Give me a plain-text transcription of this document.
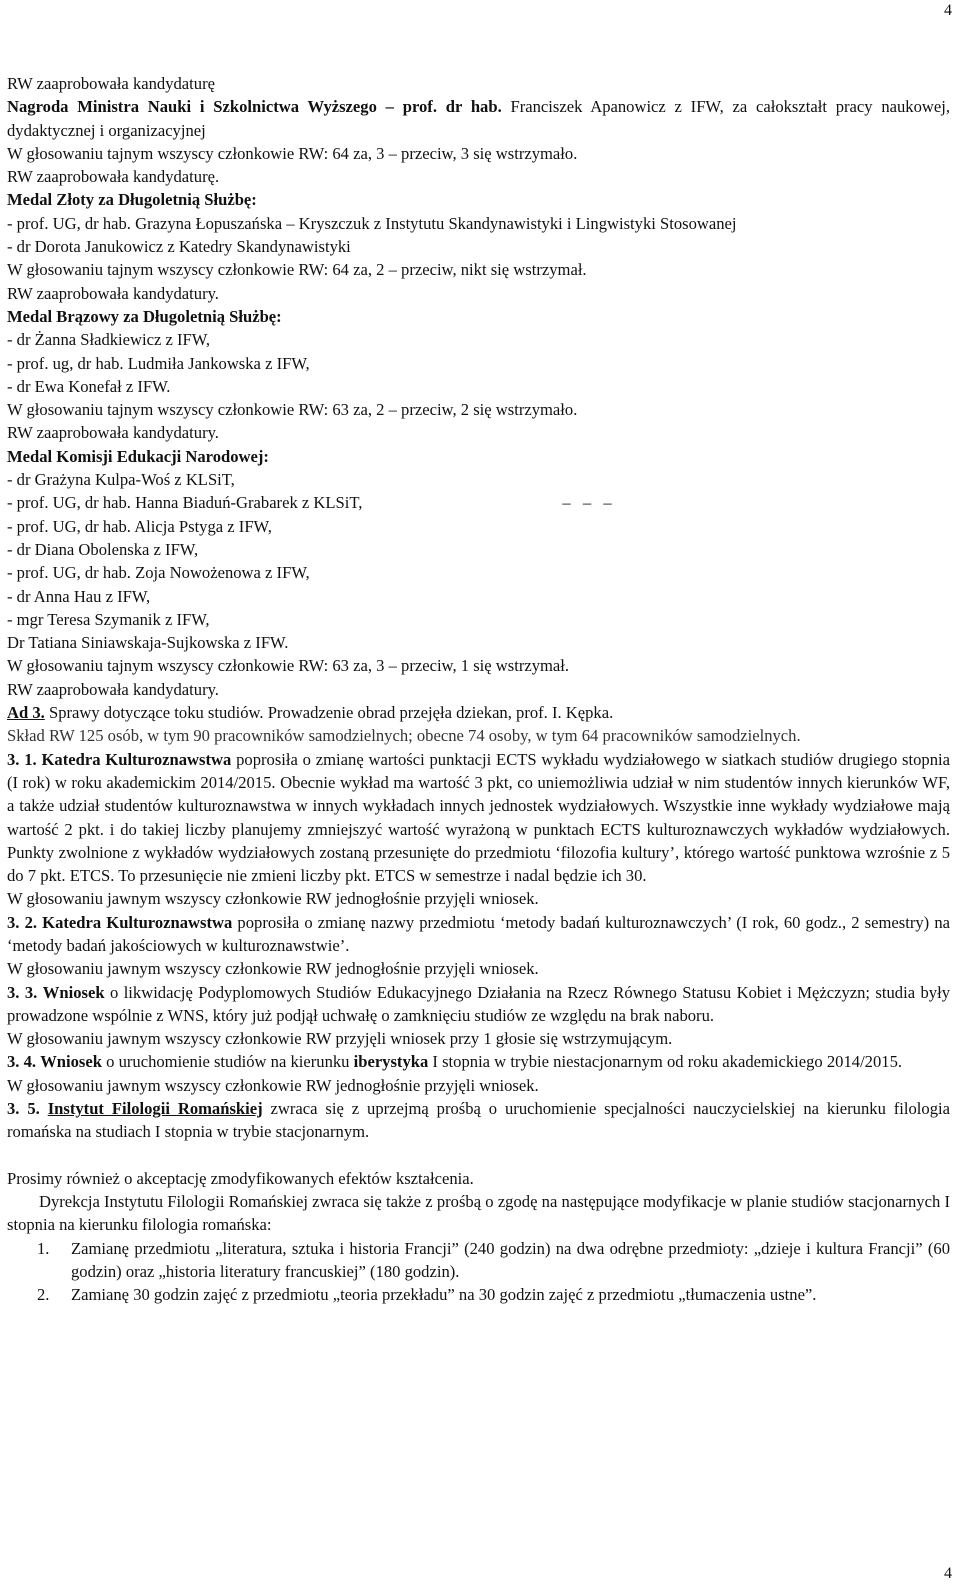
4
RW zaaprobowała kandydaturę
Nagroda Ministra Nauki i Szkolnictwa Wyższego – prof. dr hab. Franciszek Apanowicz z IFW, za całokształt pracy naukowej, dydaktycznej i organizacyjnej
W głosowaniu tajnym wszyscy członkowie RW: 64 za, 3 – przeciw, 3 się wstrzymało.
RW zaaprobowała kandydaturę.
Medal Złoty za Długoletnią Służbę:
- prof. UG, dr hab. Grazyna Łopuszańska – Kryszczuk z Instytutu Skandynawistyki i Lingwistyki Stosowanej
- dr Dorota Janukowicz z Katedry Skandynawistyki
W głosowaniu tajnym wszyscy członkowie RW: 64 za, 2 – przeciw, nikt się wstrzymał.
RW zaaprobowała kandydatury.
Medal Brązowy za Długoletnią Służbę:
- dr Żanna Sładkiewicz z IFW,
- prof. ug, dr hab. Ludmiła Jankowska z IFW,
- dr Ewa Konefał z IFW.
W głosowaniu tajnym wszyscy członkowie RW: 63 za, 2 – przeciw, 2 się wstrzymało.
RW zaaprobowała kandydatury.
Medal Komisji Edukacji Narodowej:
- dr Grażyna Kulpa-Woś z KLSiT,
- prof. UG, dr hab. Hanna Biaduń-Grabarek z KLSiT,	– – –
- prof. UG, dr hab. Alicja Pstyga z IFW,
- dr Diana Obolenska z IFW,
- prof. UG, dr hab. Zoja Nowożenowa z IFW,
- dr Anna Hau z IFW,
- mgr Teresa Szymanik z IFW,
Dr Tatiana Siniawskaja-Sujkowska z IFW.
W głosowaniu tajnym wszyscy członkowie RW: 63 za, 3 – przeciw, 1 się wstrzymał.
RW zaaprobowała kandydatury.
Ad 3. Sprawy dotyczące toku studiów. Prowadzenie obrad przejęła dziekan, prof. I. Kępka.
Skład RW 125 osób, w tym 90 pracowników samodzielnych; obecne 74 osoby, w tym 64 pracowników samodzielnych.
3. 1. Katedra Kulturoznawstwa poprosiła o zmianę wartości punktacji ECTS wykładu wydziałowego w siatkach studiów drugiego stopnia (I rok) w roku akademickim 2014/2015. Obecnie wykład ma wartość 3 pkt, co uniemożliwia udział w nim studentów innych kierunków WF, a także udział studentów kulturoznawstwa w innych wykładach innych jednostek wydziałowych. Wszystkie inne wykłady wydziałowe mają wartość 2 pkt. i do takiej liczby planujemy zmniejszyć wartość wyrażoną w punktach ECTS kulturoznawczych wykładów wydziałowych. Punkty zwolnione z wykładów wydziałowych zostaną przesunięte do przedmiotu ‘filozofia kultury’, którego wartość punktowa wzrośnie z 5 do 7 pkt. ETCS. To przesunięcie nie zmieni liczby pkt. ETCS w semestrze i nadal będzie ich 30.
W głosowaniu jawnym wszyscy członkowie RW jednogłośnie przyjęli wniosek.
3. 2. Katedra Kulturoznawstwa poprosiła o zmianę nazwy przedmiotu ‘metody badań kulturoznawczych’ (I rok, 60 godz., 2 semestry) na ‘metody badań jakościowych w kulturoznawstwie’.
W głosowaniu jawnym wszyscy członkowie RW jednogłośnie przyjęli wniosek.
3. 3. Wniosek o likwidację Podyplomowych Studiów Edukacyjnego Działania na Rzecz Równego Statusu Kobiet i Mężczyzn; studia były prowadzone wspólnie z WNS, który już podjął uchwałę o zamknięciu studiów ze względu na brak naboru.
W głosowaniu jawnym wszyscy członkowie RW przyjęli wniosek przy 1 głosie się wstrzymującym.
3. 4. Wniosek o uruchomienie studiów na kierunku iberystyka I stopnia w trybie niestacjonarnym od roku akademickiego 2014/2015.
W głosowaniu jawnym wszyscy członkowie RW jednogłośnie przyjęli wniosek.
3. 5. Instytut Filologii Romańskiej zwraca się z uprzejmą prośbą o uruchomienie specjalności nauczycielskiej na kierunku filologia romańska na studiach I stopnia w trybie stacjonarnym.
Prosimy również o akceptację zmodyfikowanych efektów kształcenia.
Dyrekcja Instytutu Filologii Romańskiej zwraca się także z prośbą o zgodę na następujące modyfikacje w planie studiów stacjonarnych I stopnia na kierunku filologia romańska:
1. Zamianę przedmiotu „literatura, sztuka i historia Francji” (240 godzin) na dwa odrębne przedmioty: „dzieje i kultura Francji” (60 godzin) oraz „historia literatury francuskiej” (180 godzin).
2. Zamianę 30 godzin zajęć z przedmiotu „teoria przekładu” na 30 godzin zajęć z przedmiotu „tłumaczenia ustne”.
4
